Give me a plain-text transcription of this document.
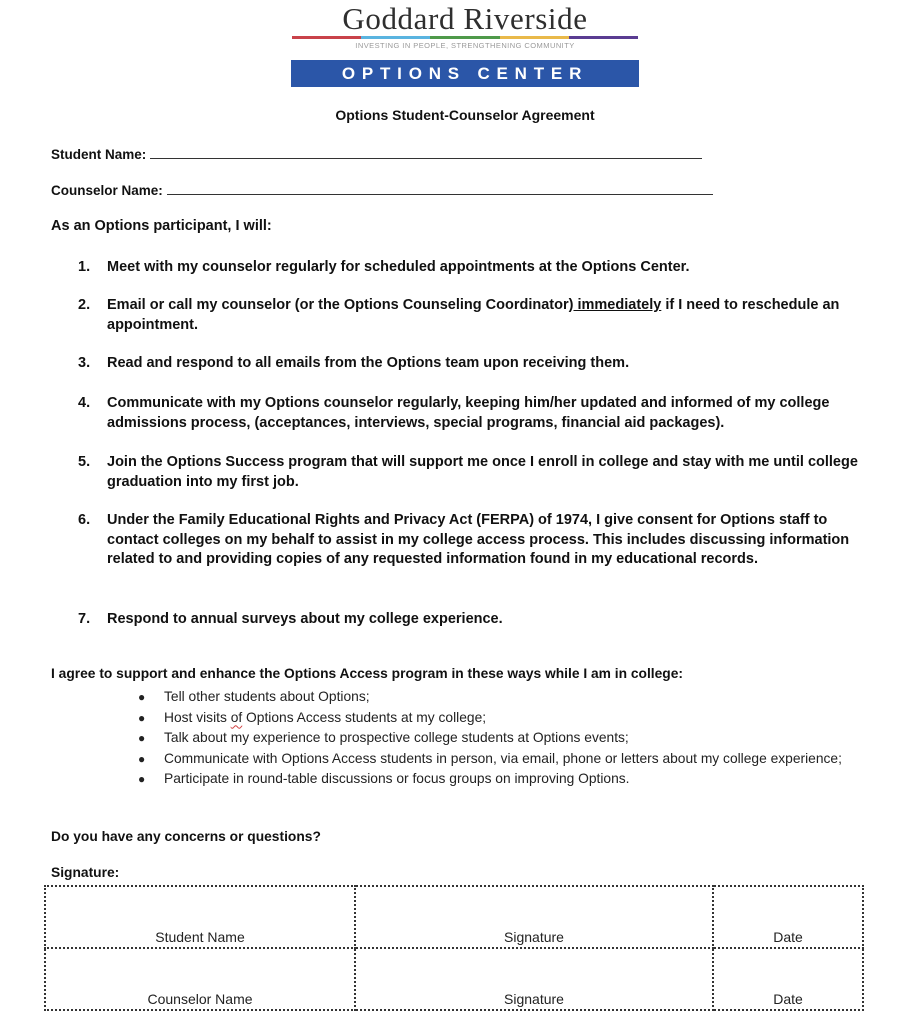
Goddard Riverside
INVESTING IN PEOPLE, STRENGTHENING COMMUNITY
OPTIONS CENTER
Options Student-Counselor Agreement
Student Name:
Counselor Name:
As an Options participant, I will:
1.	Meet with my counselor regularly for scheduled appointments at the Options Center.
2.	Email or call my counselor (or the Options Counseling Coordinator) immediately if I need to reschedule an appointment.
3.	Read and respond to all emails from the Options team upon receiving them.
4.	Communicate with my Options counselor regularly, keeping him/her updated and informed of my college admissions process, (acceptances, interviews, special programs, financial aid packages).
5.	Join the Options Success program that will support me once I enroll in college and stay with me until college graduation into my first job.
6.	Under the Family Educational Rights and Privacy Act (FERPA) of 1974, I give consent for Options staff to contact colleges on my behalf to assist in my college access process. This includes discussing information related to and providing copies of any requested information found in my educational records.
7.	Respond to annual surveys about my college experience.
I agree to support and enhance the Options Access program in these ways while I am in college:
●	Tell other students about Options;
●	Host visits of Options Access students at my college;
●	Talk about my experience to prospective college students at Options events;
●	Communicate with Options Access students in person, via email, phone or letters about my college experience;
●	Participate in round-table discussions or focus groups on improving Options.
Do you have any concerns or questions?
Signature:
Student Name	Signature	Date
Counselor Name	Signature	Date
